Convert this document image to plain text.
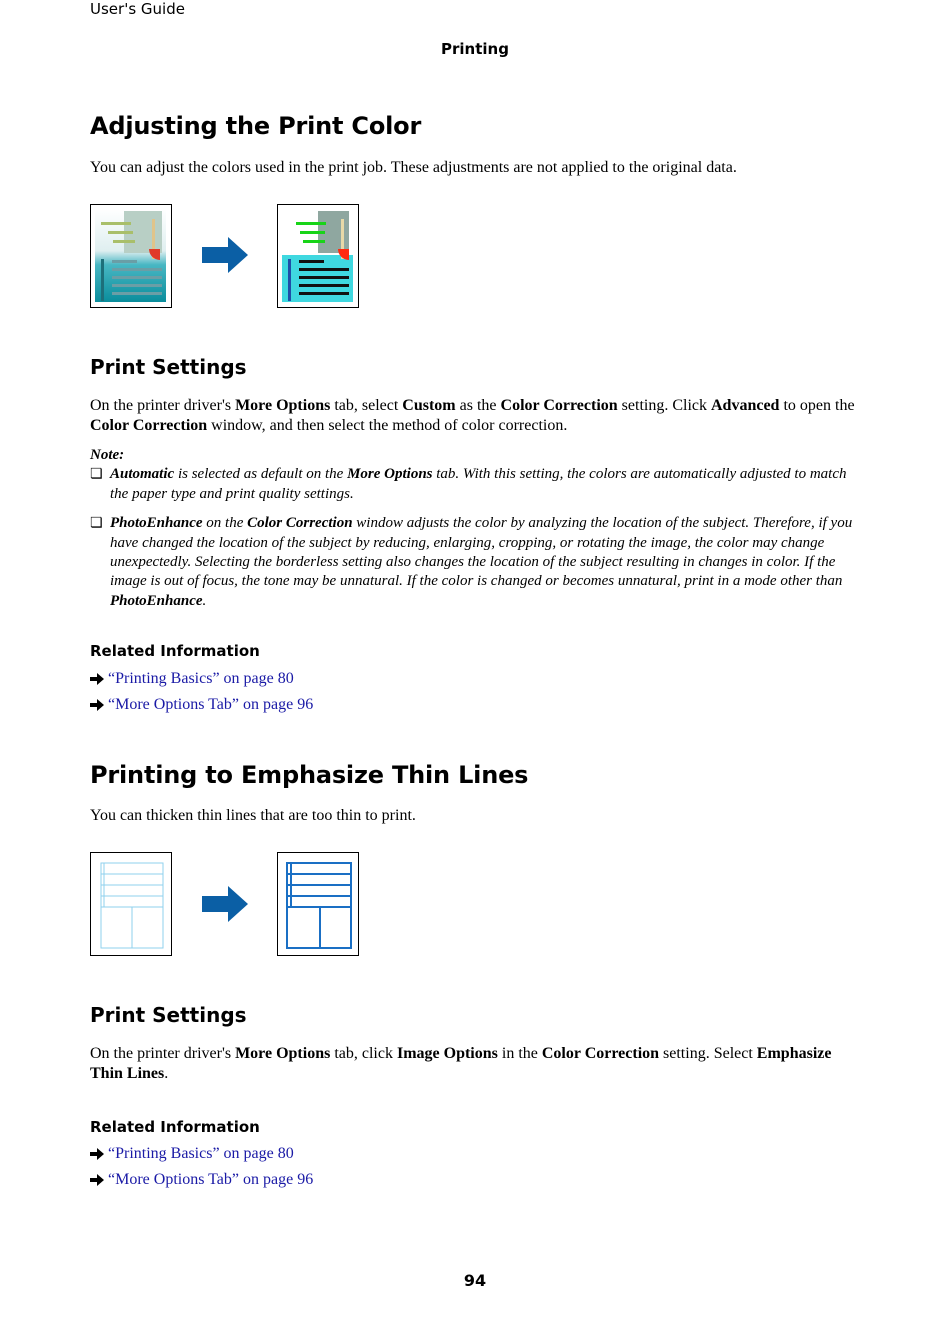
User's Guide
Printing
Adjusting the Print Color
You can adjust the colors used in the print job. These adjustments are not applied to the original data.
Print Settings
On the printer driver's More Options tab, select Custom as the Color Correction setting. Click Advanced to open the Color Correction window, and then select the method of color correction.
Note:
❏ Automatic is selected as default on the More Options tab. With this setting, the colors are automatically adjusted to match the paper type and print quality settings.
❏ PhotoEnhance on the Color Correction window adjusts the color by analyzing the location of the subject. Therefore, if you have changed the location of the subject by reducing, enlarging, cropping, or rotating the image, the color may change unexpectedly. Selecting the borderless setting also changes the location of the subject resulting in changes in color. If the image is out of focus, the tone may be unnatural. If the color is changed or becomes unnatural, print in a mode other than PhotoEnhance.
Related Information
“Printing Basics” on page 80
“More Options Tab” on page 96
Printing to Emphasize Thin Lines
You can thicken thin lines that are too thin to print.
Print Settings
On the printer driver's More Options tab, click Image Options in the Color Correction setting. Select Emphasize Thin Lines.
Related Information
“Printing Basics” on page 80
“More Options Tab” on page 96
94
